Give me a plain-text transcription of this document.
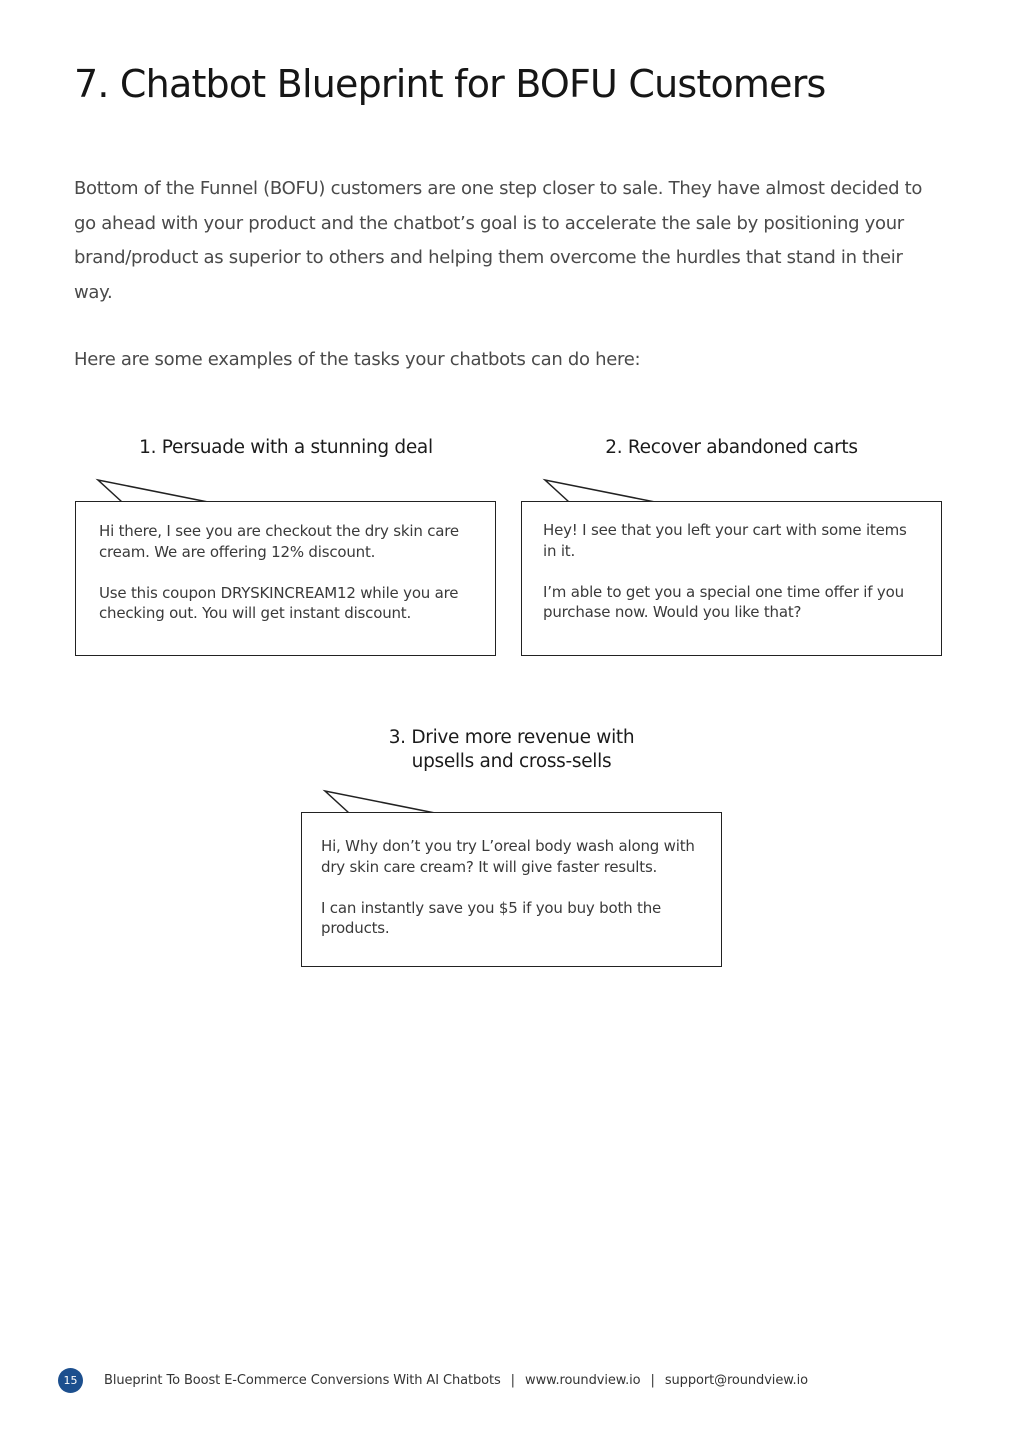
7. Chatbot Blueprint for BOFU Customers

Bottom of the Funnel (BOFU) customers are one step closer to sale. They have almost decided to go ahead with your product and the chatbot’s goal is to accelerate the sale by positioning your brand/product as superior to others and helping them overcome the hurdles that stand in their way.

Here are some examples of the tasks your chatbots can do here:

1. Persuade with a stunning deal

Hi there, I see you are checkout the dry skin care cream. We are offering 12% discount.

Use this coupon DRYSKINCREAM12 while you are checking out. You will get instant discount.

2. Recover abandoned carts

Hey! I see that you left your cart with some items in it.

I’m able to get you a special one time offer if you purchase now. Would you like that?

3. Drive more revenue with
upsells and cross-sells

Hi, Why don’t you try L’oreal body wash along with dry skin care cream? It will give faster results.

I can instantly save you $5 if you buy both the products.

15	Blueprint To Boost E-Commerce Conversions With AI Chatbots | www.roundview.io | support@roundview.io
